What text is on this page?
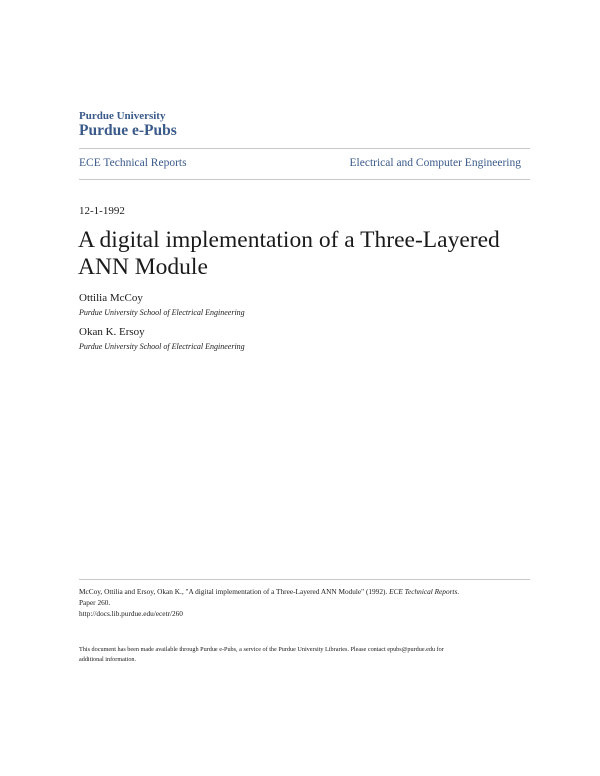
Purdue University
Purdue e-Pubs
ECE Technical Reports	Electrical and Computer Engineering
12-1-1992
A digital implementation of a Three-Layered ANN Module
Ottilia McCoy
Purdue University School of Electrical Engineering
Okan K. Ersoy
Purdue University School of Electrical Engineering
McCoy, Ottilia and Ersoy, Okan K., "A digital implementation of a Three-Layered ANN Module" (1992). ECE Technical Reports.
Paper 260.
http://docs.lib.purdue.edu/ecetr/260
This document has been made available through Purdue e-Pubs, a service of the Purdue University Libraries. Please contact epubs@purdue.edu for
additional information.
